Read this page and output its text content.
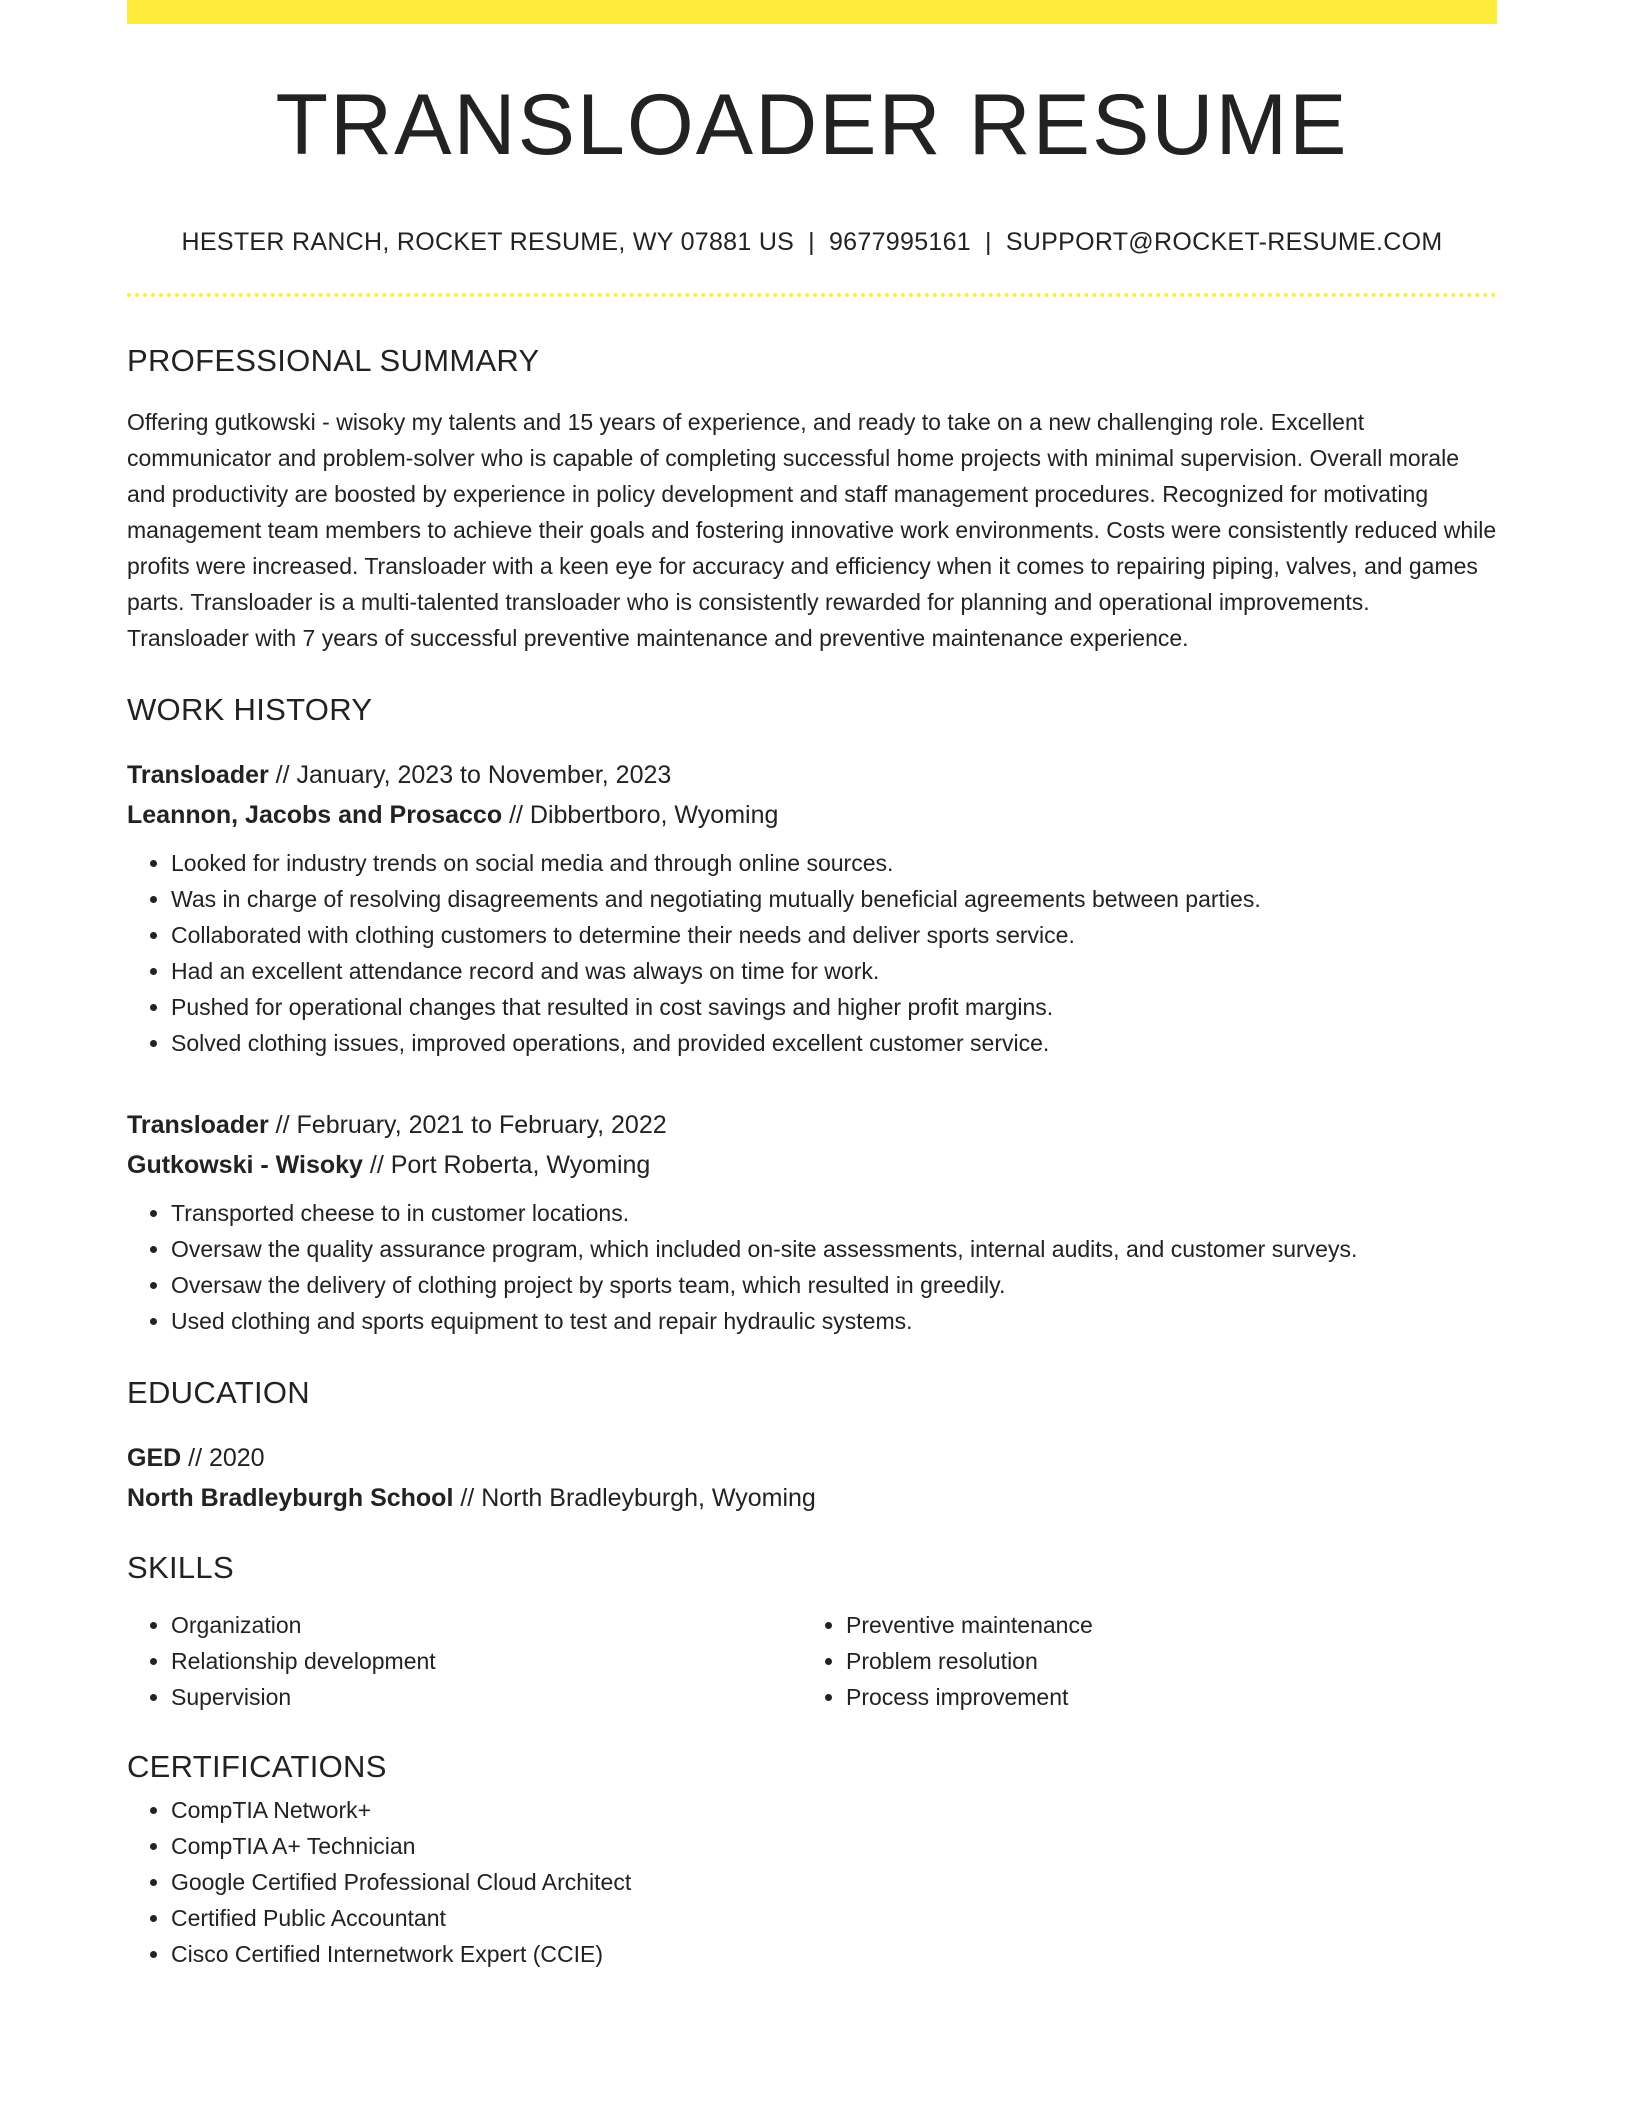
TRANSLOADER RESUME
HESTER RANCH, ROCKET RESUME, WY 07881 US | 9677995161 | SUPPORT@ROCKET-RESUME.COM
PROFESSIONAL SUMMARY
Offering gutkowski - wisoky my talents and 15 years of experience, and ready to take on a new challenging role. Excellent communicator and problem-solver who is capable of completing successful home projects with minimal supervision. Overall morale and productivity are boosted by experience in policy development and staff management procedures. Recognized for motivating management team members to achieve their goals and fostering innovative work environments. Costs were consistently reduced while profits were increased. Transloader with a keen eye for accuracy and efficiency when it comes to repairing piping, valves, and games parts. Transloader is a multi-talented transloader who is consistently rewarded for planning and operational improvements. Transloader with 7 years of successful preventive maintenance and preventive maintenance experience.
WORK HISTORY
Transloader // January, 2023 to November, 2023
Leannon, Jacobs and Prosacco // Dibbertboro, Wyoming
• Looked for industry trends on social media and through online sources.
• Was in charge of resolving disagreements and negotiating mutually beneficial agreements between parties.
• Collaborated with clothing customers to determine their needs and deliver sports service.
• Had an excellent attendance record and was always on time for work.
• Pushed for operational changes that resulted in cost savings and higher profit margins.
• Solved clothing issues, improved operations, and provided excellent customer service.
Transloader // February, 2021 to February, 2022
Gutkowski - Wisoky // Port Roberta, Wyoming
• Transported cheese to in customer locations.
• Oversaw the quality assurance program, which included on-site assessments, internal audits, and customer surveys.
• Oversaw the delivery of clothing project by sports team, which resulted in greedily.
• Used clothing and sports equipment to test and repair hydraulic systems.
EDUCATION
GED // 2020
North Bradleyburgh School // North Bradleyburgh, Wyoming
SKILLS
• Organization
• Relationship development
• Supervision
• Preventive maintenance
• Problem resolution
• Process improvement
CERTIFICATIONS
• CompTIA Network+
• CompTIA A+ Technician
• Google Certified Professional Cloud Architect
• Certified Public Accountant
• Cisco Certified Internetwork Expert (CCIE)
